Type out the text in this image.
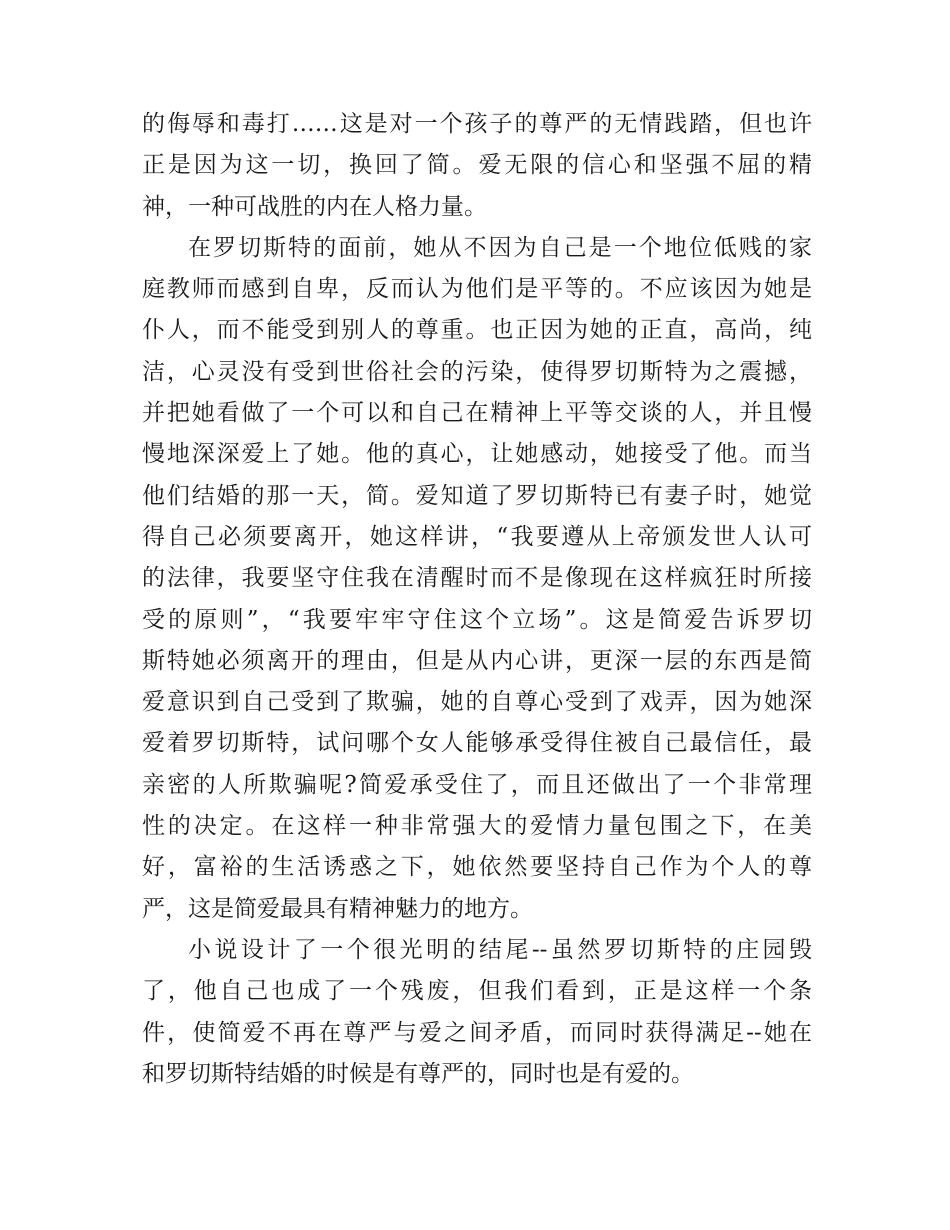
的侮辱和毒打……这是对一个孩子的尊严的无情践踏，但也许
正是因为这一切，换回了简。爱无限的信心和坚强不屈的精
神，一种可战胜的内在人格力量。
在罗切斯特的面前，她从不因为自己是一个地位低贱的家
庭教师而感到自卑，反而认为他们是平等的。不应该因为她是
仆人，而不能受到别人的尊重。也正因为她的正直，高尚，纯
洁，心灵没有受到世俗社会的污染，使得罗切斯特为之震撼，
并把她看做了一个可以和自己在精神上平等交谈的人，并且慢
慢地深深爱上了她。他的真心，让她感动，她接受了他。而当
他们结婚的那一天，简。爱知道了罗切斯特已有妻子时，她觉
得自己必须要离开，她这样讲，“我要遵从上帝颁发世人认可
的法律，我要坚守住我在清醒时而不是像现在这样疯狂时所接
受的原则”，“我要牢牢守住这个立场”。这是简爱告诉罗切
斯特她必须离开的理由，但是从内心讲，更深一层的东西是简
爱意识到自己受到了欺骗，她的自尊心受到了戏弄，因为她深
爱着罗切斯特，试问哪个女人能够承受得住被自己最信任，最
亲密的人所欺骗呢?简爱承受住了，而且还做出了一个非常理
性的决定。在这样一种非常强大的爱情力量包围之下，在美
好，富裕的生活诱惑之下，她依然要坚持自己作为个人的尊
严，这是简爱最具有精神魅力的地方。
小说设计了一个很光明的结尾--虽然罗切斯特的庄园毁
了，他自己也成了一个残废，但我们看到，正是这样一个条
件，使简爱不再在尊严与爱之间矛盾，而同时获得满足--她在
和罗切斯特结婚的时候是有尊严的，同时也是有爱的。
